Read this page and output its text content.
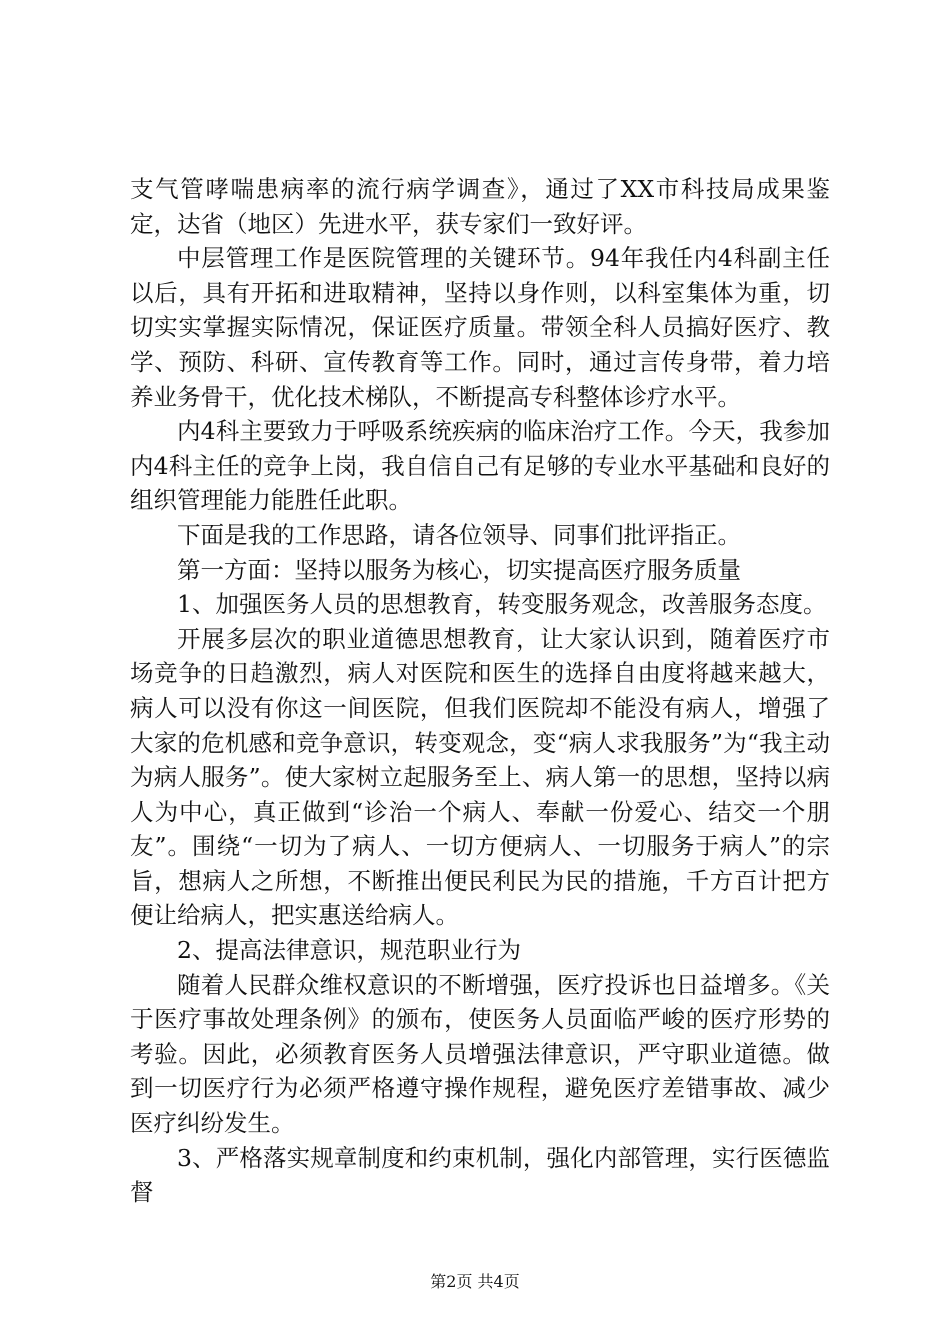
支气管哮喘患病率的流行病学调查》，通过了XX市科技局成果鉴定，达省（地区）先进水平，获专家们一致好评。

中层管理工作是医院管理的关键环节。94年我任内4科副主任以后，具有开拓和进取精神，坚持以身作则，以科室集体为重，切切实实掌握实际情况，保证医疗质量。带领全科人员搞好医疗、教学、预防、科研、宣传教育等工作。同时，通过言传身带，着力培养业务骨干，优化技术梯队，不断提高专科整体诊疗水平。

内4科主要致力于呼吸系统疾病的临床治疗工作。今天，我参加内4科主任的竞争上岗，我自信自己有足够的专业水平基础和良好的组织管理能力能胜任此职。

下面是我的工作思路，请各位领导、同事们批评指正。

第一方面：坚持以服务为核心，切实提高医疗服务质量

1、加强医务人员的思想教育，转变服务观念，改善服务态度。

开展多层次的职业道德思想教育，让大家认识到，随着医疗市场竞争的日趋激烈，病人对医院和医生的选择自由度将越来越大，病人可以没有你这一间医院，但我们医院却不能没有病人，增强了大家的危机感和竞争意识，转变观念，变“病人求我服务”为“我主动为病人服务”。使大家树立起服务至上、病人第一的思想，坚持以病人为中心，真正做到“诊治一个病人、奉献一份爱心、结交一个朋友”。围绕“一切为了病人、一切方便病人、一切服务于病人”的宗旨，想病人之所想，不断推出便民利民为民的措施，千方百计把方便让给病人，把实惠送给病人。

2、提高法律意识，规范职业行为

随着人民群众维权意识的不断增强，医疗投诉也日益增多。《关于医疗事故处理条例》的颁布，使医务人员面临严峻的医疗形势的考验。因此，必须教育医务人员增强法律意识，严守职业道德。做到一切医疗行为必须严格遵守操作规程，避免医疗差错事故、减少医疗纠纷发生。

3、严格落实规章制度和约束机制，强化内部管理，实行医德监督

第2页 共4页
